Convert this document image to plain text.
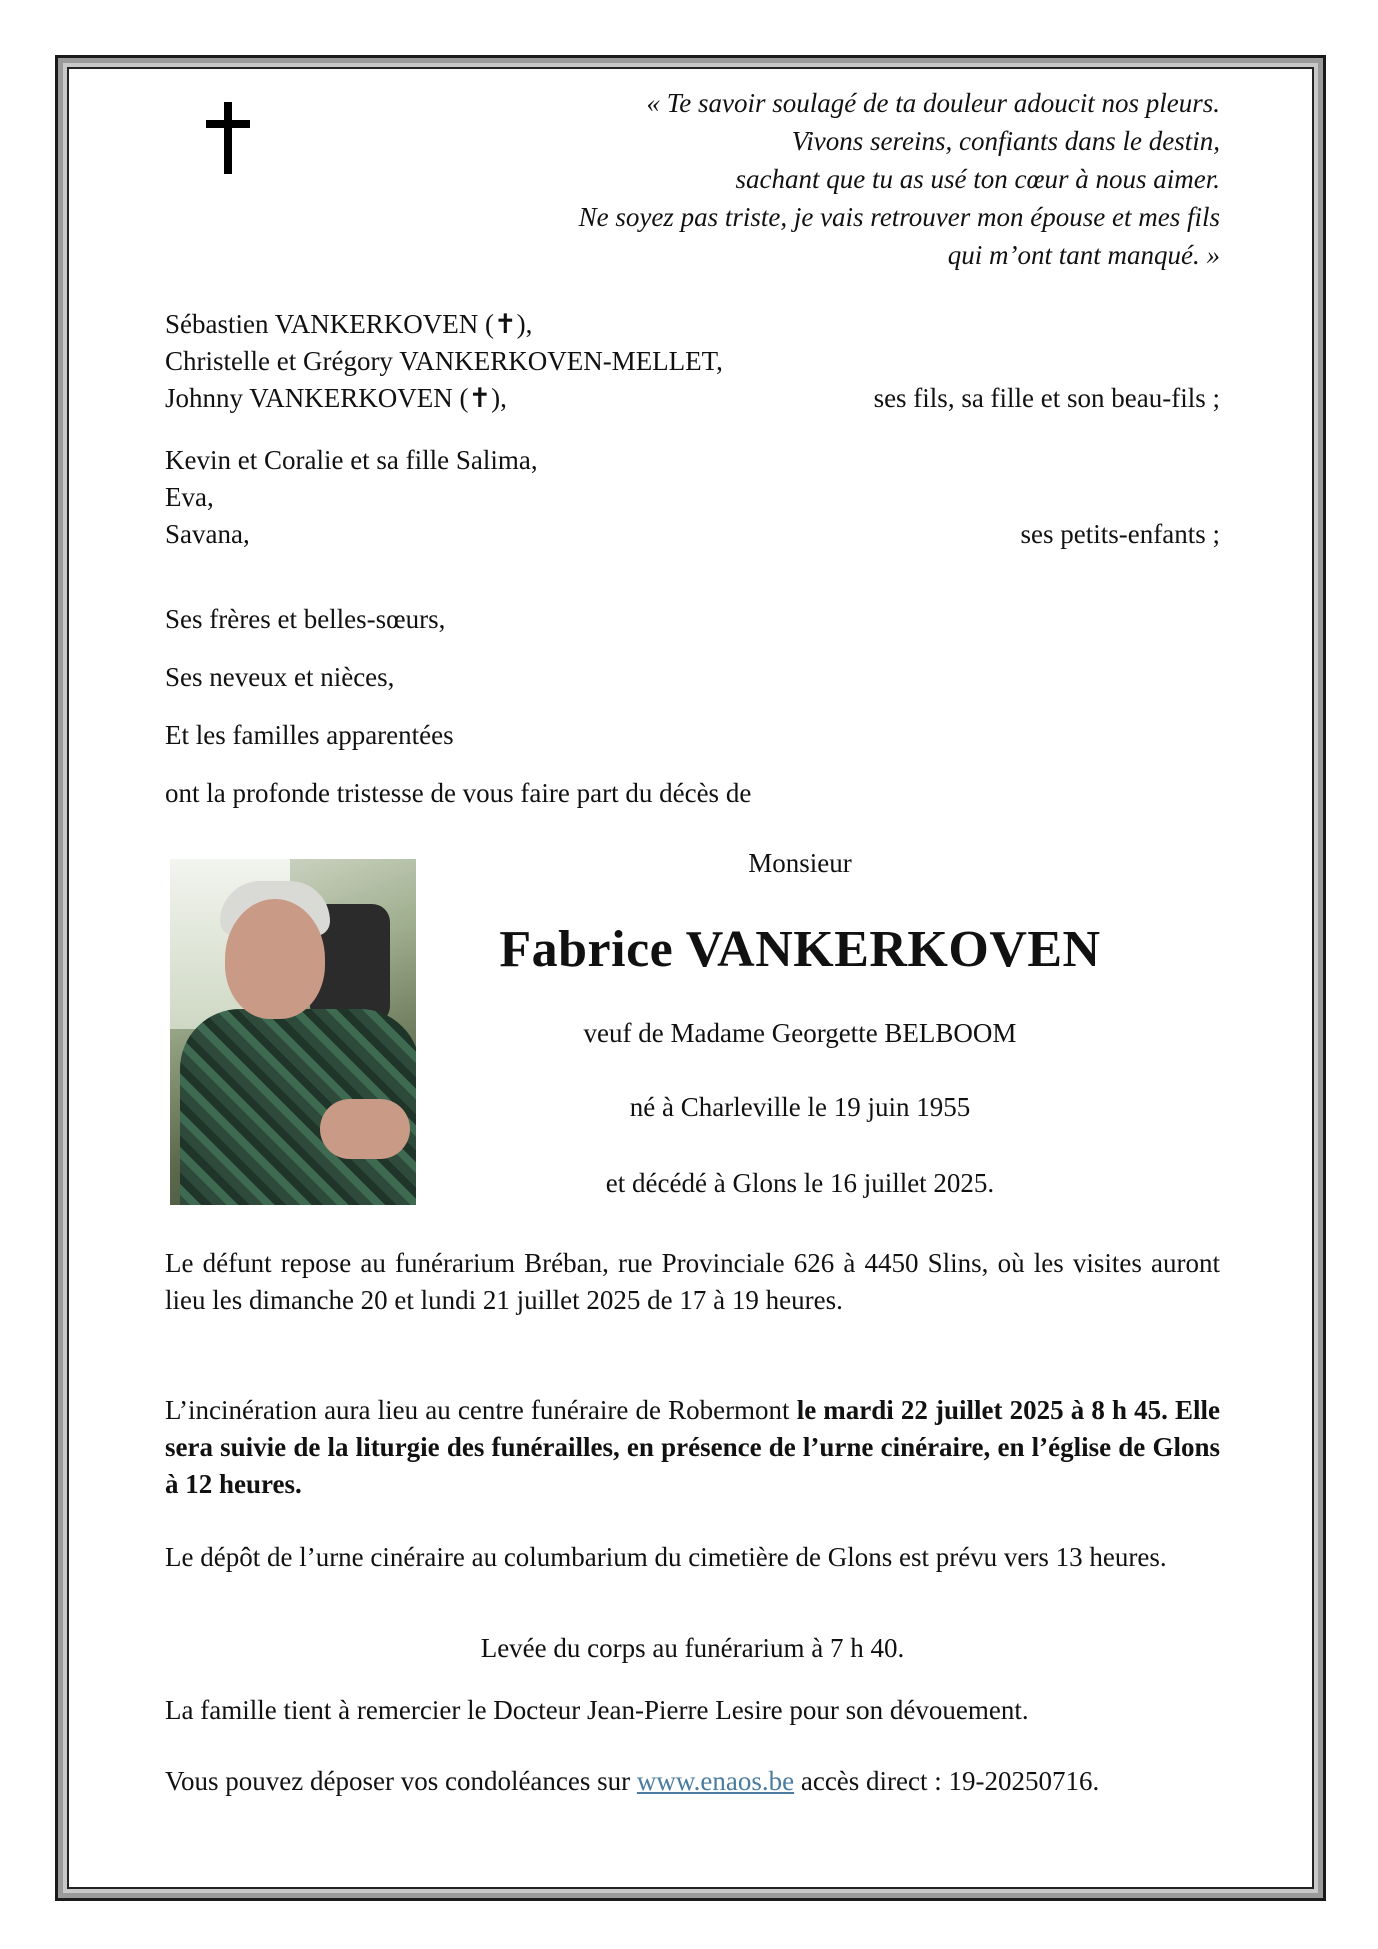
« Te savoir soulagé de ta douleur adoucit nos pleurs.
Vivons sereins, confiants dans le destin,
sachant que tu as usé ton cœur à nous aimer.
Ne soyez pas triste, je vais retrouver mon épouse et mes fils
qui m’ont tant manqué. »
Sébastien VANKERKOVEN (✝),
Christelle et Grégory VANKERKOVEN-MELLET,
Johnny VANKERKOVEN (✝),	ses fils, sa fille et son beau-fils ;
Kevin et Coralie et sa fille Salima,
Eva,
Savana,	ses petits-enfants ;
Ses frères et belles-sœurs,
Ses neveux et nièces,
Et les familles apparentées
ont la profonde tristesse de vous faire part du décès de
Monsieur
Fabrice VANKERKOVEN
veuf de Madame Georgette BELBOOM
né à Charleville le 19 juin 1955
et décédé à Glons le 16 juillet 2025.
Le défunt repose au funérarium Bréban, rue Provinciale 626 à 4450 Slins, où les visites auront lieu les dimanche 20 et lundi 21 juillet 2025 de 17 à 19 heures.
L’incinération aura lieu au centre funéraire de Robermont le mardi 22 juillet 2025 à 8 h 45. Elle sera suivie de la liturgie des funérailles, en présence de l’urne cinéraire, en l’église de Glons à 12 heures.
Le dépôt de l’urne cinéraire au columbarium du cimetière de Glons est prévu vers 13 heures.
Levée du corps au funérarium à 7 h 40.
La famille tient à remercier le Docteur Jean-Pierre Lesire pour son dévouement.
Vous pouvez déposer vos condoléances sur www.enaos.be accès direct : 19-20250716.
